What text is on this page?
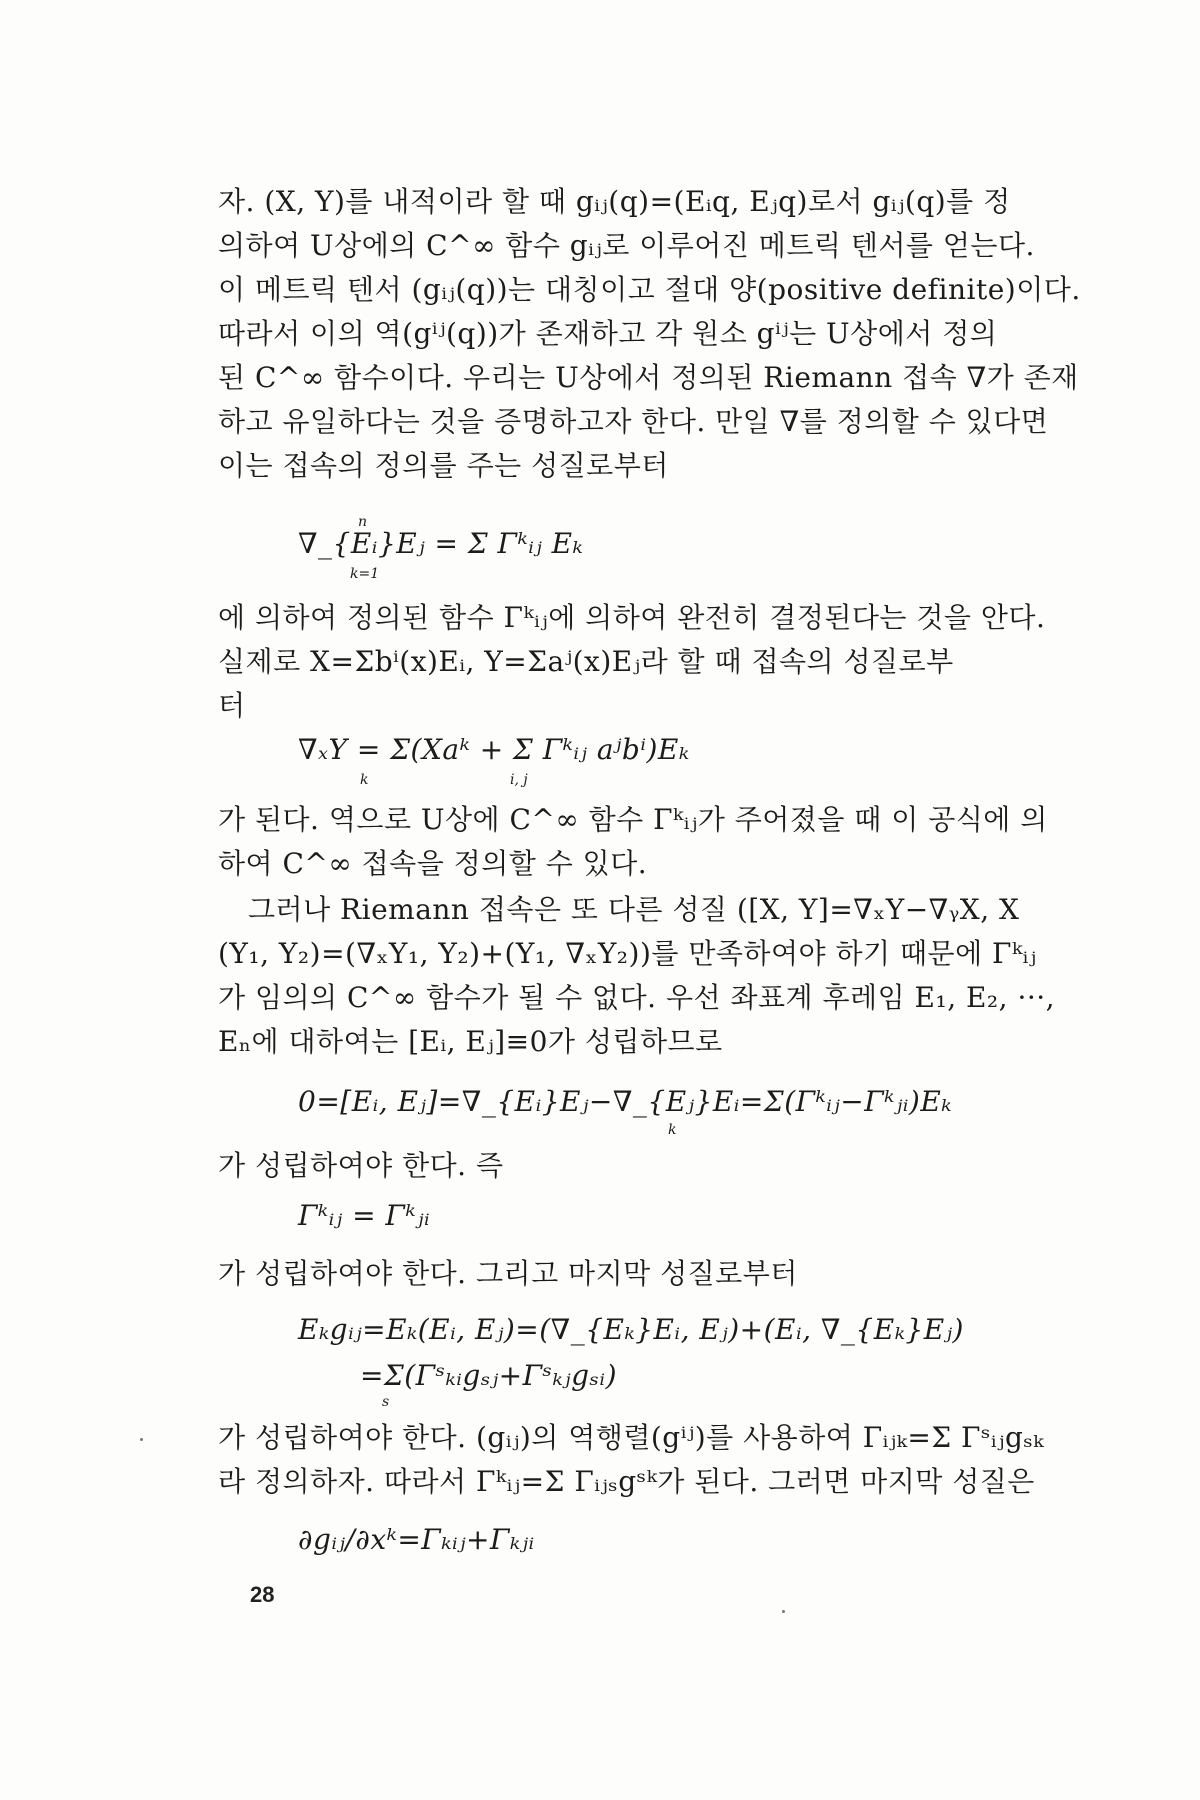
자. (X, Y)를 내적이라 할 때 gᵢⱼ(q)=(Eᵢq, Eⱼq)로서 gᵢⱼ(q)를 정
의하여 U상에의 C^∞ 함수 gᵢⱼ로 이루어진 메트릭 텐서를 얻는다.
이 메트릭 텐서 (gᵢⱼ(q))는 대칭이고 절대 양(positive definite)이다.
따라서 이의 역(gⁱʲ(q))가 존재하고 각 원소 gⁱʲ는 U상에서 정의
된 C^∞ 함수이다. 우리는 U상에서 정의된 Riemann 접속 ∇가 존재
하고 유일하다는 것을 증명하고자 한다. 만일 ∇를 정의할 수 있다면
이는 접속의 정의를 주는 성질로부터
n
∇_{Eᵢ}Eⱼ = Σ Γᵏᵢⱼ Eₖ
k=1
에 의하여 정의된 함수 Γᵏᵢⱼ에 의하여 완전히 결정된다는 것을 안다.
실제로 X=Σbⁱ(x)Eᵢ, Y=Σaʲ(x)Eⱼ라 할 때 접속의 성질로부
터
∇ₓY = Σ(Xaᵏ + Σ Γᵏᵢⱼ aʲbⁱ)Eₖ
k	i, j
가 된다. 역으로 U상에 C^∞ 함수 Γᵏᵢⱼ가 주어졌을 때 이 공식에 의
하여 C^∞ 접속을 정의할 수 있다.
그러나 Riemann 접속은 또 다른 성질 ([X, Y]=∇ₓY−∇ᵧX, X
(Y₁, Y₂)=(∇ₓY₁, Y₂)+(Y₁, ∇ₓY₂))를 만족하여야 하기 때문에 Γᵏᵢⱼ
가 임의의 C^∞ 함수가 될 수 없다. 우선 좌표계 후레임 E₁, E₂, ···,
Eₙ에 대하여는 [Eᵢ, Eⱼ]≡0가 성립하므로
0=[Eᵢ, Eⱼ]=∇_{Eᵢ}Eⱼ−∇_{Eⱼ}Eᵢ=Σ(Γᵏᵢⱼ−Γᵏⱼᵢ)Eₖ
k
가 성립하여야 한다. 즉
Γᵏᵢⱼ = Γᵏⱼᵢ
가 성립하여야 한다. 그리고 마지막 성질로부터
Eₖgᵢⱼ=Eₖ(Eᵢ, Eⱼ)=(∇_{Eₖ}Eᵢ, Eⱼ)+(Eᵢ, ∇_{Eₖ}Eⱼ)
=Σ(Γˢₖᵢgₛⱼ+Γˢₖⱼgₛᵢ)
s
가 성립하여야 한다. (gᵢⱼ)의 역행렬(gⁱʲ)를 사용하여 Γᵢⱼₖ=Σ Γˢᵢⱼgₛₖ
라 정의하자. 따라서 Γᵏᵢⱼ=Σ Γᵢⱼₛgˢᵏ가 된다. 그러면 마지막 성질은
∂gᵢⱼ/∂xᵏ=Γₖᵢⱼ+Γₖⱼᵢ
28
